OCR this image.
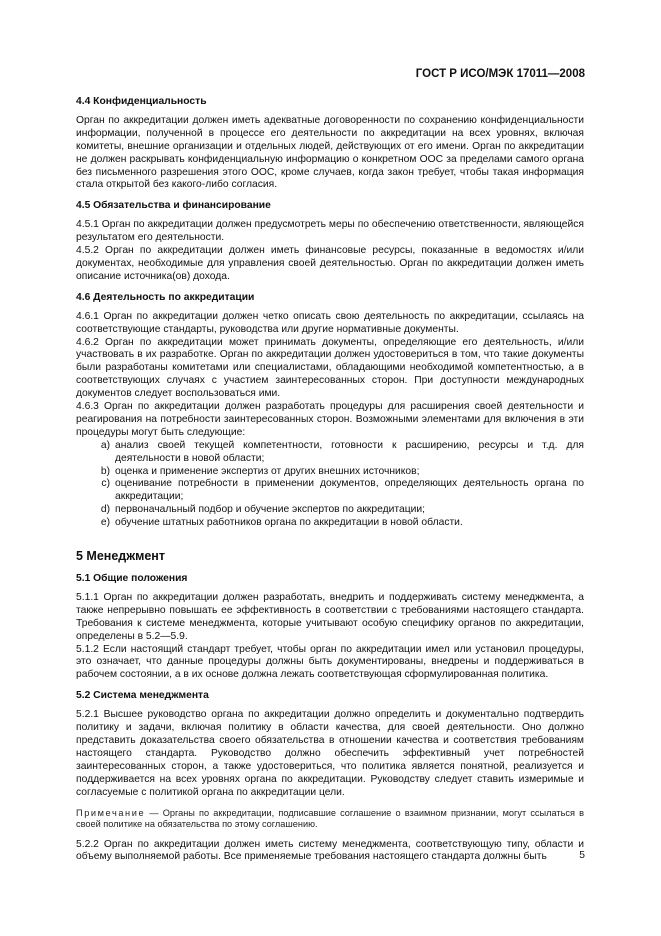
ГОСТ Р ИСО/МЭК 17011—2008
4.4 Конфиденциальность

Орган по аккредитации должен иметь адекватные договоренности по сохранению конфиденциальности информации, полученной в процессе его деятельности по аккредитации на всех уровнях, включая комитеты, внешние организации и отдельных людей, действующих от его имени. Орган по аккредитации не должен раскрывать конфиденциальную информацию о конкретном ООС за пределами самого органа без письменного разрешения этого ООС, кроме случаев, когда закон требует, чтобы такая информация стала открытой без какого-либо согласия.

4.5 Обязательства и финансирование

4.5.1 Орган по аккредитации должен предусмотреть меры по обеспечению ответственности, являющейся результатом его деятельности.

4.5.2 Орган по аккредитации должен иметь финансовые ресурсы, показанные в ведомостях и/или документах, необходимые для управления своей деятельностью. Орган по аккредитации должен иметь описание источника(ов) дохода.

4.6 Деятельность по аккредитации

4.6.1 Орган по аккредитации должен четко описать свою деятельность по аккредитации, ссылаясь на соответствующие стандарты, руководства или другие нормативные документы.

4.6.2 Орган по аккредитации может принимать документы, определяющие его деятельность, и/или участвовать в их разработке. Орган по аккредитации должен удостовериться в том, что такие документы были разработаны комитетами или специалистами, обладающими необходимой компетентностью, а в соответствующих случаях с участием заинтересованных сторон. При доступности международных документов следует воспользоваться ими.

4.6.3 Орган по аккредитации должен разработать процедуры для расширения своей деятельности и реагирования на потребности заинтересованных сторон. Возможными элементами для включения в эти процедуры могут быть следующие:

a) анализ своей текущей компетентности, готовности к расширению, ресурсы и т.д. для деятельности в новой области;
b) оценка и применение экспертиз от других внешних источников;
c) оценивание потребности в применении документов, определяющих деятельность органа по аккредитации;
d) первоначальный подбор и обучение экспертов по аккредитации;
e) обучение штатных работников органа по аккредитации в новой области.
5 Менеджмент
5.1 Общие положения

5.1.1 Орган по аккредитации должен разработать, внедрить и поддерживать систему менеджмента, а также непрерывно повышать ее эффективность в соответствии с требованиями настоящего стандарта. Требования к системе менеджмента, которые учитывают особую специфику органов по аккредитации, определены в 5.2—5.9.

5.1.2 Если настоящий стандарт требует, чтобы орган по аккредитации имел или установил процедуры, это означает, что данные процедуры должны быть документированы, внедрены и поддерживаться в рабочем состоянии, а в их основе должна лежать соответствующая сформулированная политика.

5.2 Система менеджмента

5.2.1 Высшее руководство органа по аккредитации должно определить и документально подтвердить политику и задачи, включая политику в области качества, для своей деятельности. Оно должно представить доказательства своего обязательства в отношении качества и соответствия требованиям настоящего стандарта. Руководство должно обеспечить эффективный учет потребностей заинтересованных сторон, а также удостовериться, что политика является понятной, реализуется и поддерживается на всех уровнях органа по аккредитации. Руководству следует ставить измеримые и согласуемые с политикой органа по аккредитации цели.

Примечание — Органы по аккредитации, подписавшие соглашение о взаимном признании, могут ссылаться в своей политике на обязательства по этому соглашению.

5.2.2 Орган по аккредитации должен иметь систему менеджмента, соответствующую типу, области и объему выполняемой работы. Все применяемые требования настоящего стандарта должны быть	5
